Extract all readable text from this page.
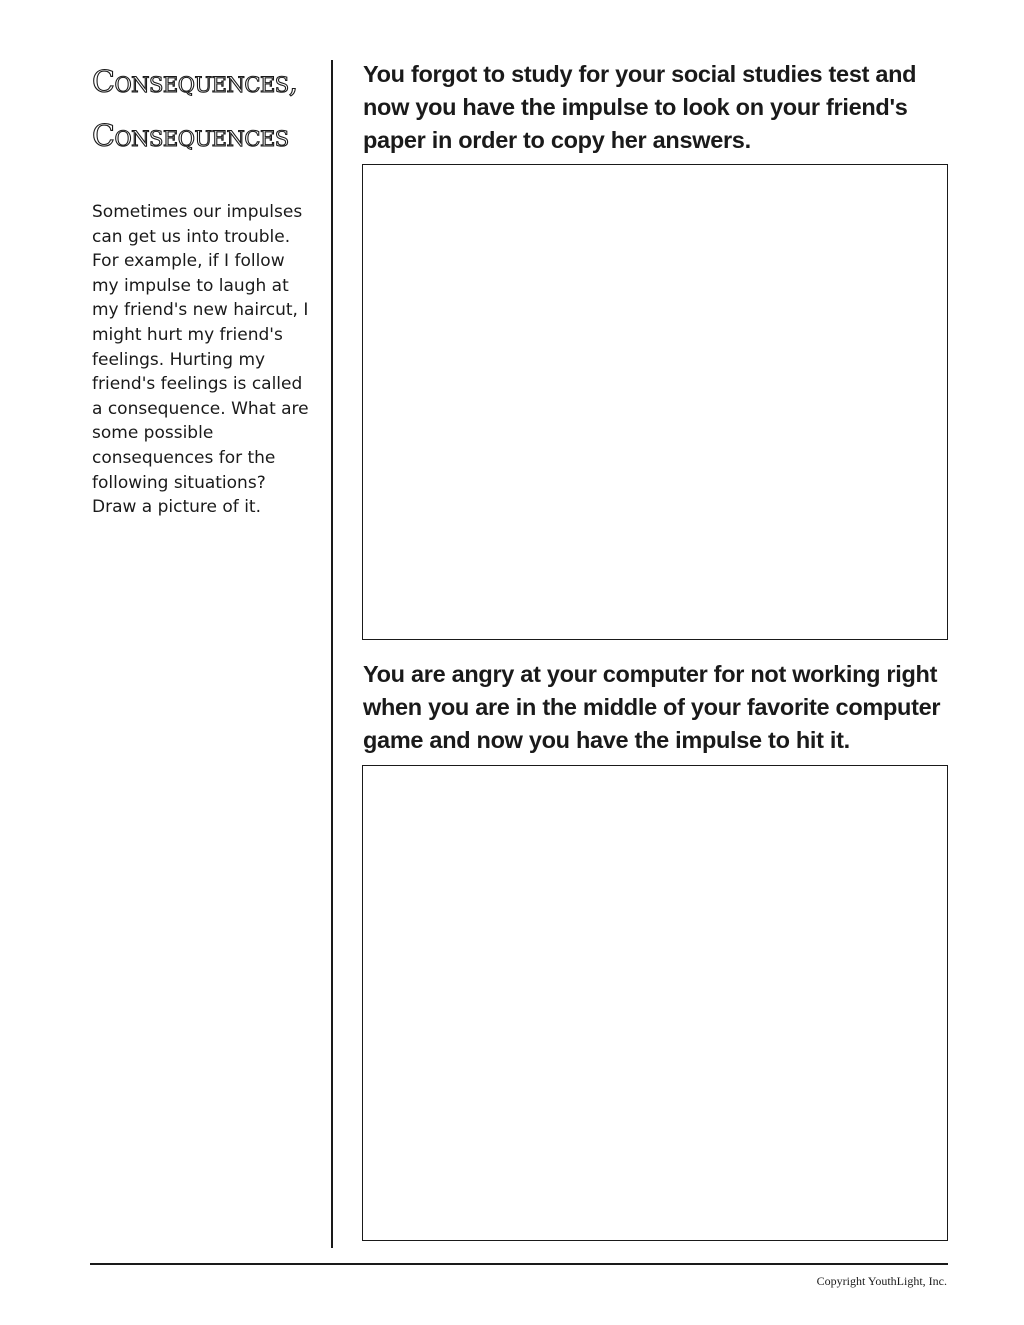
Consequences, Consequences

Sometimes our impulses can get us into trouble. For example, if I follow my impulse to laugh at my friend's new haircut, I might hurt my friend's feelings. Hurting my friend's feelings is called a consequence. What are some possible consequences for the following situations? Draw a picture of it.

You forgot to study for your social studies test and now you have the impulse to look on your friend's paper in order to copy her answers.

You are angry at your computer for not working right when you are in the middle of your favorite computer game and now you have the impulse to hit it.

Copyright YouthLight, Inc.
